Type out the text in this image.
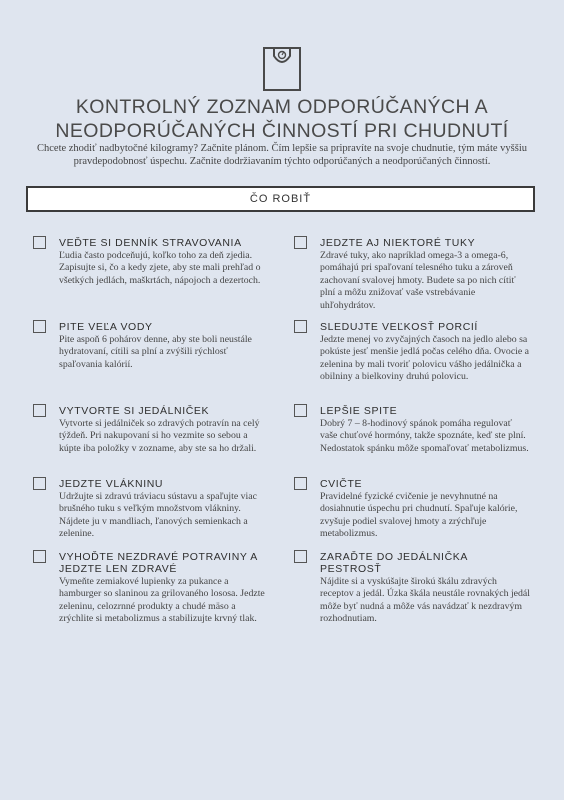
KONTROLNÝ ZOZNAM ODPORÚČANÝCH A
NEODPORÚČANÝCH ČINNOSTÍ PRI CHUDNUTÍ
Chcete zhodiť nadbytočné kilogramy? Začnite plánom. Čím lepšie sa pripravíte na svoje chudnutie, tým máte vyššiu pravdepodobnosť úspechu. Začnite dodržiavaním týchto odporúčaných a neodporúčaných činností.
ČO ROBIŤ
VEĎTE SI DENNÍK STRAVOVANIA
Ľudia často podceňujú, koľko toho za deň zjedia. Zapisujte si, čo a kedy zjete, aby ste mali prehľad o všetkých jedlách, maškrtách, nápojoch a dezertoch.
PITE VEĽA VODY
Pite aspoň 6 pohárov denne, aby ste boli neustále hydratovaní, cítili sa plní a zvýšili rýchlosť spaľovania kalórií.
VYTVORTE SI JEDÁLNIČEK
Vytvorte si jedálniček so zdravých potravín na celý týždeň. Pri nakupovaní si ho vezmite so sebou a kúpte iba položky v zozname, aby ste sa ho držali.
JEDZTE VLÁKNINU
Udržujte si zdravú tráviacu sústavu a spaľujte viac brušného tuku s veľkým množstvom vlákniny. Nájdete ju v mandliach, ľanových semienkach a zelenine.
VYHOĎTE NEZDRAVÉ POTRAVINY A JEDZTE LEN ZDRAVÉ
Vymeňte zemiakové lupienky za pukance a hamburger so slaninou za grilovaného lososa. Jedzte zeleninu, celozrnné produkty a chudé mäso a zrýchlite si metabolizmus a stabilizujte krvný tlak.
JEDZTE AJ NIEKTORÉ TUKY
Zdravé tuky, ako napríklad omega-3 a omega-6, pomáhajú pri spaľovaní telesného tuku a zároveň zachovaní svalovej hmoty. Budete sa po nich cítiť plní a môžu znižovať vaše vstrebávanie uhľohydrátov.
SLEDUJTE VEĽKOSŤ PORCIÍ
Jedzte menej vo zvyčajných časoch na jedlo alebo sa pokúste jesť menšie jedlá počas celého dňa. Ovocie a zelenina by mali tvoriť polovicu vášho jedálnička a obilniny a bielkoviny druhú polovicu.
LEPŠIE SPITE
Dobrý 7 – 8-hodinový spánok pomáha regulovať vaše chuťové hormóny, takže spoznáte, keď ste plní. Nedostatok spánku môže spomaľovať metabolizmus.
CVIČTE
Pravidelné fyzické cvičenie je nevyhnutné na dosiahnutie úspechu pri chudnutí. Spaľuje kalórie, zvyšuje podiel svalovej hmoty a zrýchľuje metabolizmus.
ZARAĎTE DO JEDÁLNIČKA PESTROSŤ
Nájdite si a vyskúšajte širokú škálu zdravých receptov a jedál. Úzka škála neustále rovnakých jedál môže byť nudná a môže vás navádzať k nezdravým rozhodnutiam.
